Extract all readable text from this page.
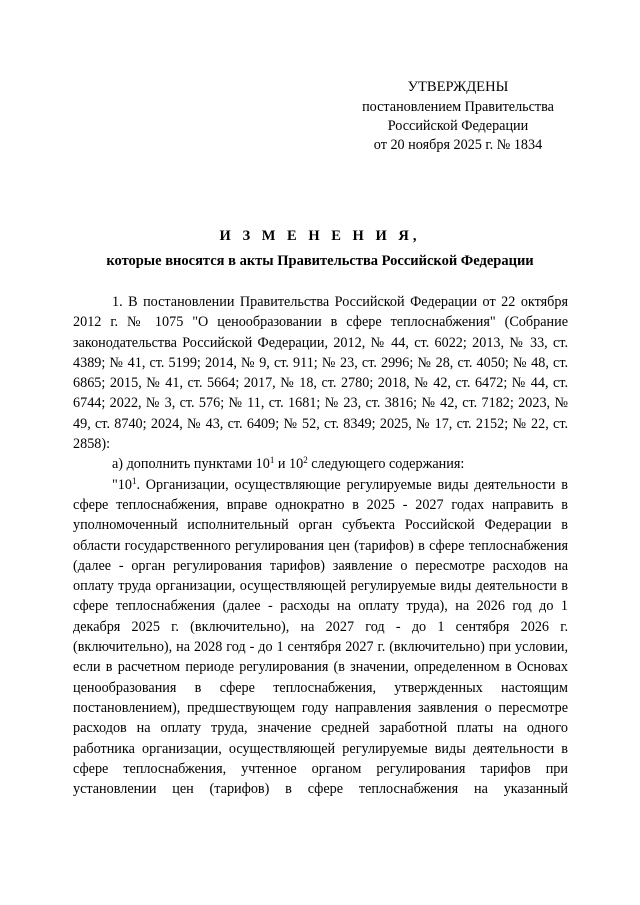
УТВЕРЖДЕНЫ
постановлением Правительства
Российской Федерации
от 20 ноября 2025 г. № 1834
И З М Е Н Е Н И Я,
которые вносятся в акты Правительства Российской Федерации

1. В постановлении Правительства Российской Федерации от 22 октября 2012 г. № 1075 "О ценообразовании в сфере теплоснабжения" (Собрание законодательства Российской Федерации, 2012, № 44, ст. 6022; 2013, № 33, ст. 4389; № 41, ст. 5199; 2014, № 9, ст. 911; № 23, ст. 2996; № 28, ст. 4050; № 48, ст. 6865; 2015, № 41, ст. 5664; 2017, № 18, ст. 2780; 2018, № 42, ст. 6472; № 44, ст. 6744; 2022, № 3, ст. 576; № 11, ст. 1681; № 23, ст. 3816; № 42, ст. 7182; 2023, № 49, ст. 8740; 2024, № 43, ст. 6409; № 52, ст. 8349; 2025, № 17, ст. 2152; № 22, ст. 2858):

а) дополнить пунктами $10^1$ и $10^2$ следующего содержания:

"$10^1$. Организации, осуществляющие регулируемые виды деятельности в сфере теплоснабжения, вправе однократно в 2025 - 2027 годах направить в уполномоченный исполнительный орган субъекта Российской Федерации в области государственного регулирования цен (тарифов) в сфере теплоснабжения (далее - орган регулирования тарифов) заявление о пересмотре расходов на оплату труда организации, осуществляющей регулируемые виды деятельности в сфере теплоснабжения (далее - расходы на оплату труда), на 2026 год до 1 декабря 2025 г. (включительно), на 2027 год - до 1 сентября 2026 г. (включительно), на 2028 год - до 1 сентября 2027 г. (включительно) при условии, если в расчетном периоде регулирования (в значении, определенном в Основах ценообразования в сфере теплоснабжения, утвержденных настоящим постановлением), предшествующем году направления заявления о пересмотре расходов на оплату труда, значение средней заработной платы на одного работника организации, осуществляющей регулируемые виды деятельности в сфере теплоснабжения, учтенное органом регулирования тарифов при установлении цен (тарифов) в сфере теплоснабжения на указанный
